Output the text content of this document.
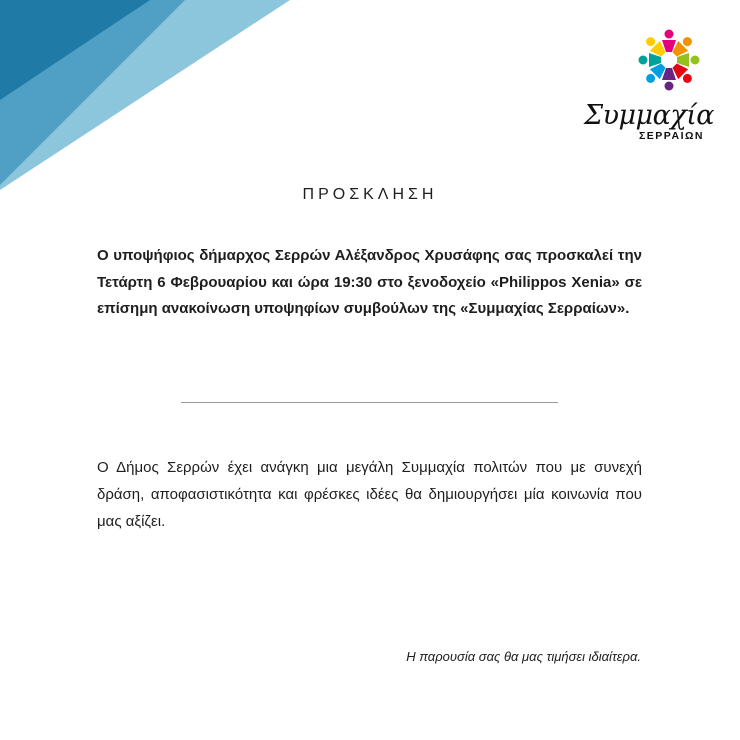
Συμμαχία
ΣΕΡΡΑΙΩΝ
ΠΡΟΣΚΛΗΣΗ
Ο υποψήφιος δήμαρχος Σερρών Αλέξανδρος Χρυσάφης σας προσκαλεί την Τετάρτη 6 Φεβρουαρίου και ώρα 19:30 στο ξενοδοχείο «Philippos Xenia» σε επίσημη ανακοίνωση υποψηφίων συμβούλων της «Συμμαχίας Σερραίων».
Ο Δήμος Σερρών έχει ανάγκη μια μεγάλη Συμμαχία πολιτών που με συνεχή δράση, αποφασιστικότητα και φρέσκες ιδέες θα δημιουργήσει μία κοινωνία που μας αξίζει.
Η παρουσία σας θα μας τιμήσει ιδιαίτερα.
